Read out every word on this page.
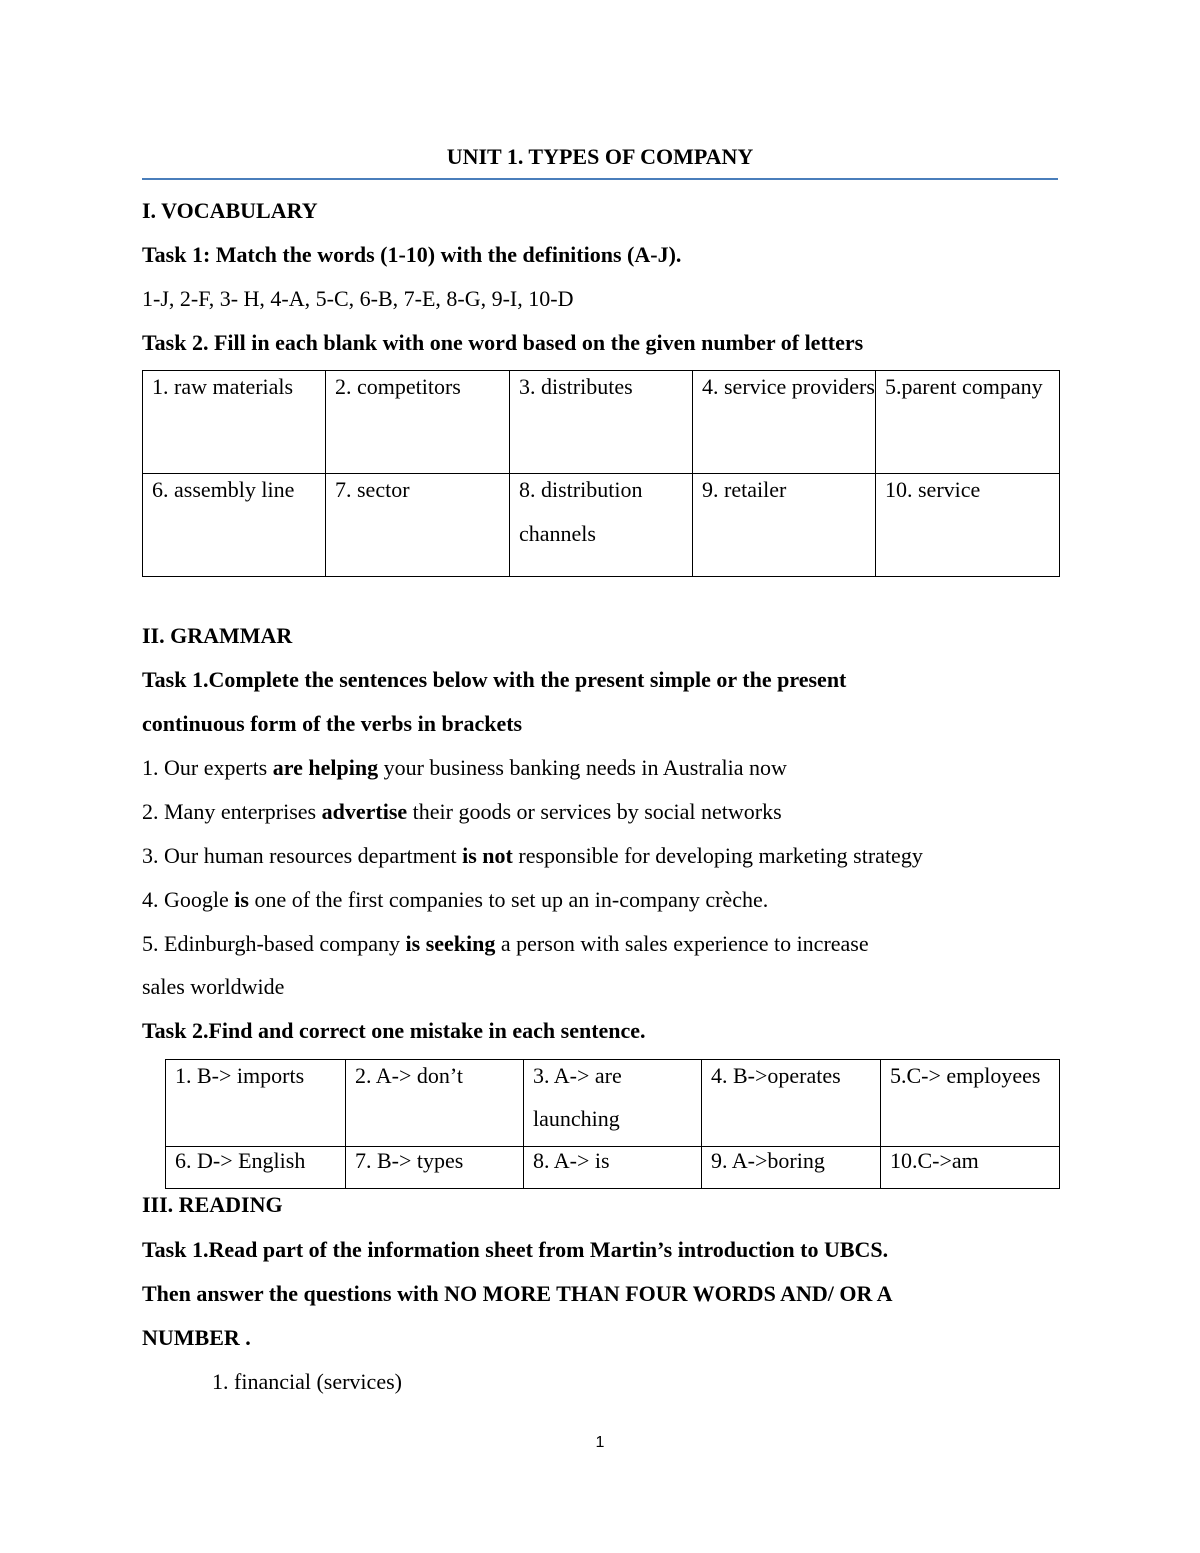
UNIT 1. TYPES OF COMPANY
I. VOCABULARY
Task 1: Match the words (1-10) with the definitions (A-J).
1-J, 2-F, 3- H, 4-A, 5-C, 6-B, 7-E, 8-G, 9-I, 10-D
Task 2. Fill in each blank with one word based on the given number of letters
1. raw materials	2. competitors	3. distributes	4. service providers	5.parent company

6. assembly line	7. sector	8. distribution channels	9. retailer	10. service
II. GRAMMAR
Task 1.Complete the sentences below with the present simple or the present
continuous form of the verbs in brackets
1. Our experts are helping your business banking needs in Australia now
2. Many enterprises advertise their goods or services by social networks
3. Our human resources department is not responsible for developing marketing strategy
4. Google is one of the first companies to set up an in-company crèche.
5. Edinburgh-based company is seeking a person with sales experience to increase
sales worldwide
Task 2.Find and correct one mistake in each sentence.
1. B-> imports	2. A-> don’t	3. A-> are launching	4. B->operates	5.C-> employees

6. D-> English	7. B-> types	8. A-> is	9. A->boring	10.C->am
III. READING
Task 1.Read part of the information sheet from Martin’s introduction to UBCS.
Then answer the questions with NO MORE THAN FOUR WORDS AND/ OR A
NUMBER .
1. financial (services)
1
